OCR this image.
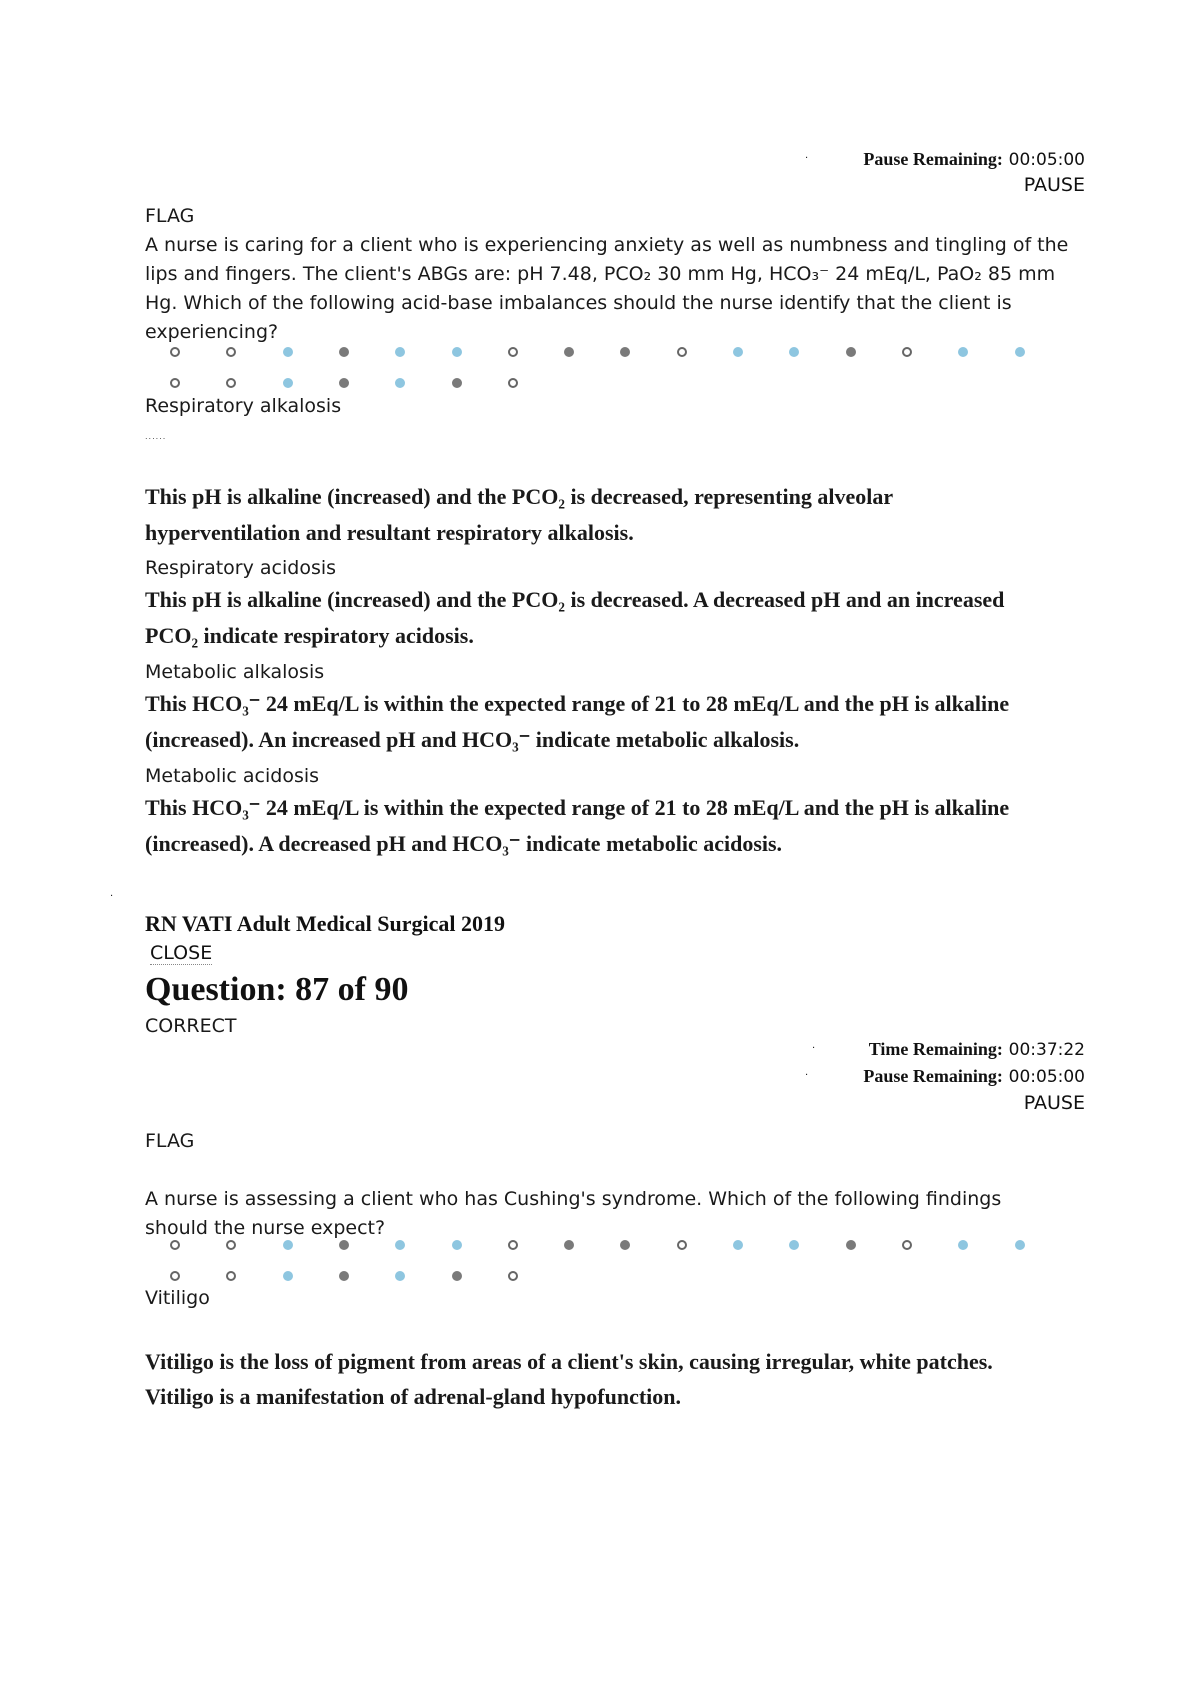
·	Pause Remaining: 00:05:00
PAUSE
FLAG
A nurse is caring for a client who is experiencing anxiety as well as numbness and tingling of the
lips and fingers. The client's ABGs are: pH 7.48, PCO₂ 30 mm Hg, HCO₃⁻ 24 mEq/L, PaO₂ 85 mm
Hg. Which of the following acid-base imbalances should the nurse identify that the client is
experiencing?
Respiratory alkalosis
......
This pH is alkaline (increased) and the PCO₂ is decreased, representing alveolar
hyperventilation and resultant respiratory alkalosis.
Respiratory acidosis
This pH is alkaline (increased) and the PCO₂ is decreased. A decreased pH and an increased
PCO₂ indicate respiratory acidosis.
Metabolic alkalosis
This HCO₃⁻ 24 mEq/L is within the expected range of 21 to 28 mEq/L and the pH is alkaline
(increased). An increased pH and HCO₃⁻ indicate metabolic alkalosis.
Metabolic acidosis
This HCO₃⁻ 24 mEq/L is within the expected range of 21 to 28 mEq/L and the pH is alkaline
(increased). A decreased pH and HCO₃⁻ indicate metabolic acidosis.
·
RN VATI Adult Medical Surgical 2019
CLOSE
Question: 87 of 90
CORRECT
·	Time Remaining: 00:37:22
·	Pause Remaining: 00:05:00
PAUSE
FLAG
A nurse is assessing a client who has Cushing's syndrome. Which of the following findings
should the nurse expect?
Vitiligo
Vitiligo is the loss of pigment from areas of a client's skin, causing irregular, white patches.
Vitiligo is a manifestation of adrenal-gland hypofunction.
